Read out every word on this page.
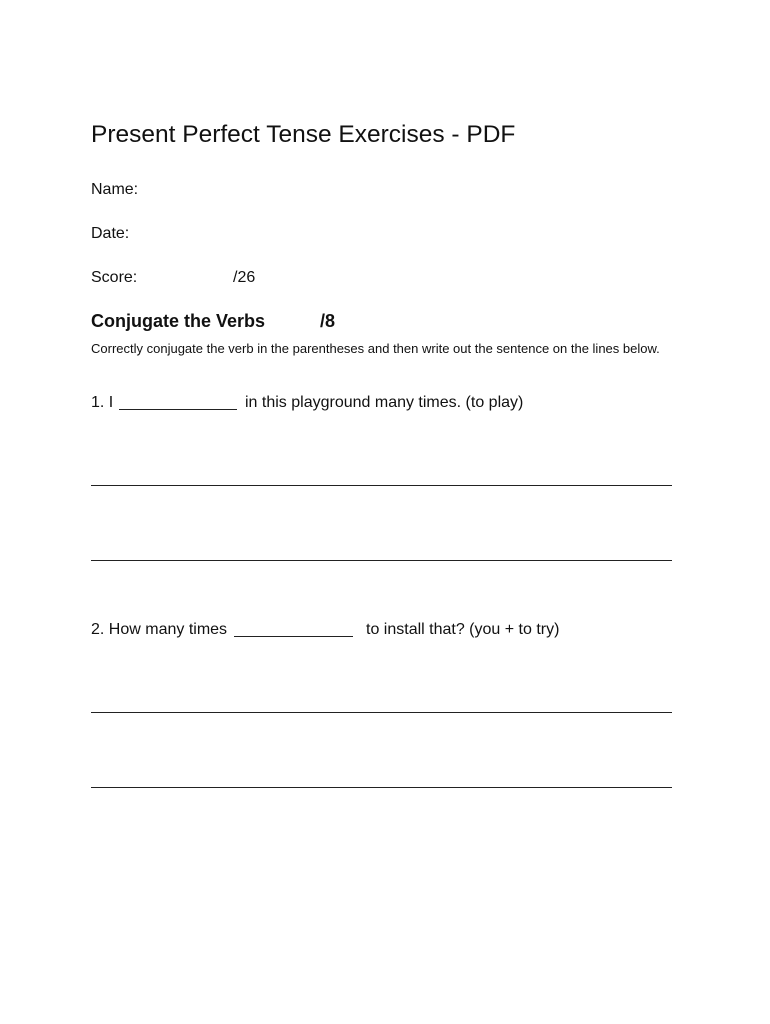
Present Perfect Tense Exercises - PDF
Name:
Date:
Score:	/26
Conjugate the Verbs	/8
Correctly conjugate the verb in the parentheses and then write out the sentence on the lines below.
1. I	in this playground many times. (to play)
2. How many times	to install that? (you + to try)
